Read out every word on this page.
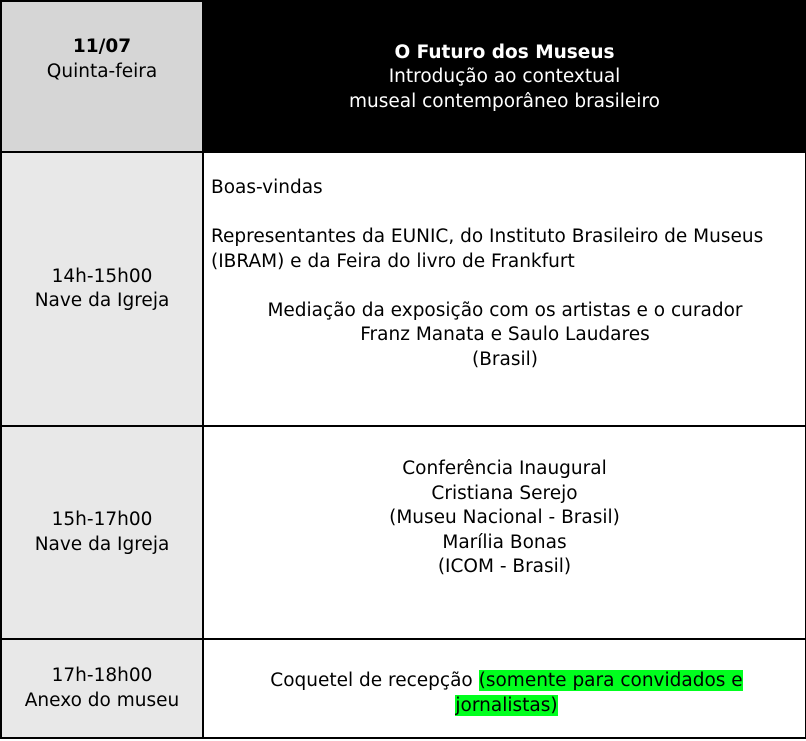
11/07
Quinta-feira	O Futuro dos Museus
Introdução ao contextual
museal contemporâneo brasileiro

14h-15h00
Nave da Igreja	Boas-vindas
Representantes da EUNIC, do Instituto Brasileiro de Museus (IBRAM) e da Feira do livro de Frankfurt
Mediação da exposição com os artistas e o curador
Franz Manata e Saulo Laudares
(Brasil)

15h-17h00
Nave da Igreja	Conferência Inaugural
Cristiana Serejo
(Museu Nacional - Brasil)
Marília Bonas
(ICOM - Brasil)

17h-18h00
Anexo do museu	Coquetel de recepção (somente para convidados e
jornalistas)
